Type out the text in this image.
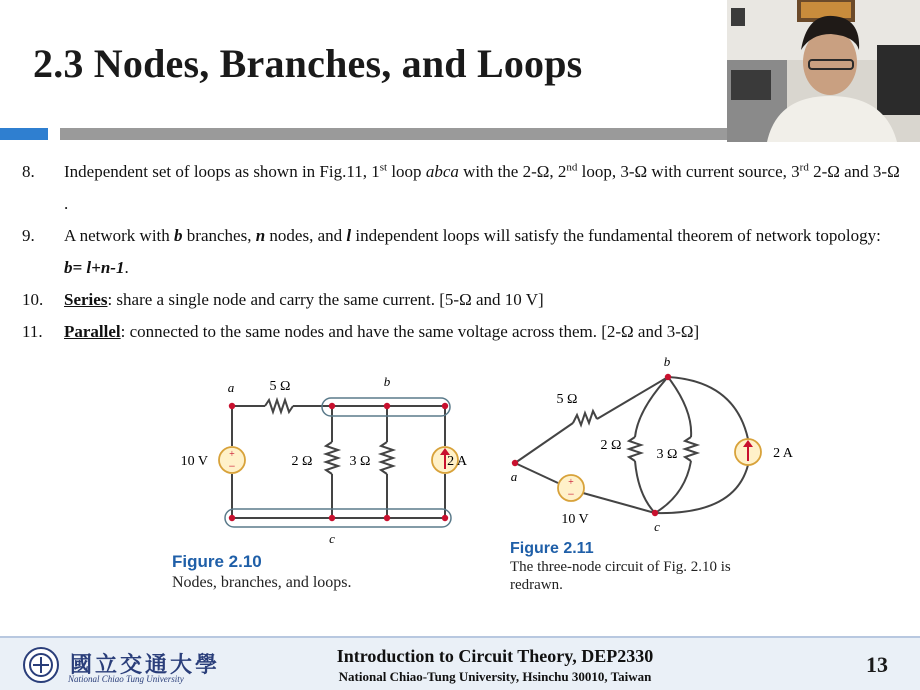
2.3 Nodes, Branches, and Loops
8.	Independent set of loops as shown in Fig.11, 1st loop abca with the 2-Ω, 2nd loop, 3-Ω with current source, 3rd 2-Ω and 3-Ω .
9.	A network with b branches, n nodes, and l independent loops will satisfy the fundamental theorem of network topology: b= l+n-1.
10.	Series: share a single node and carry the same current. [5-Ω and 10 V]
11.	Parallel: connected to the same nodes and have the same voltage across them. [2-Ω and 3-Ω]
+
−
a	b
c
5 Ω
2 Ω	3 Ω
10 V	2 A
Figure 2.10
Nodes, branches, and loops.
+
−
b
a
c
5 Ω
2 Ω
3 Ω
10 V
2 A
Figure 2.11
The three-node circuit of Fig. 2.10 is
redrawn.
國立交通大學
National Chiao Tung University
Introduction to Circuit Theory, DEP2330
National Chiao-Tung University, Hsinchu 30010, Taiwan	13
